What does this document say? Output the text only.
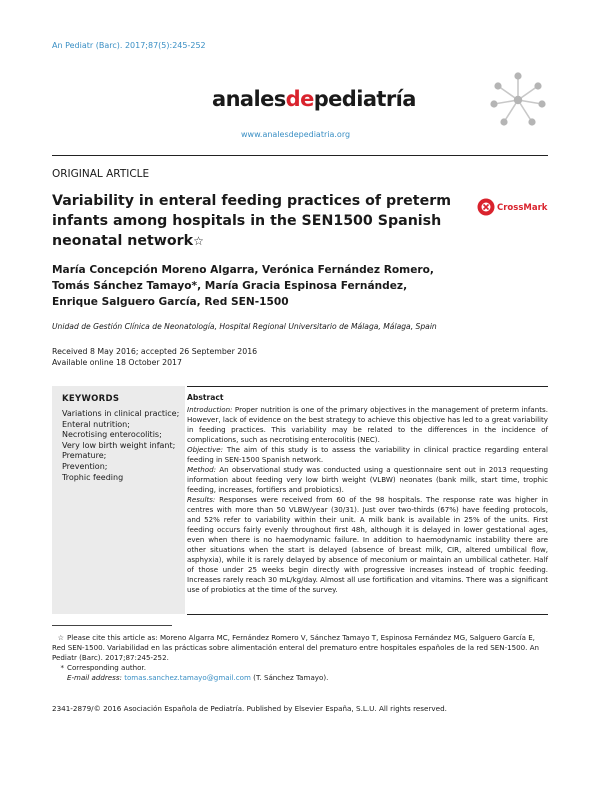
An Pediatr (Barc). 2017;87(5):245-252
analesdepediatría
www.analesdepediatria.org
ORIGINAL ARTICLE
Variability in enteral feeding practices of preterm infants among hospitals in the SEN1500 Spanish neonatal network☆
CrossMark
María Concepción Moreno Algarra, Verónica Fernández Romero,
Tomás Sánchez Tamayo*, María Gracia Espinosa Fernández,
Enrique Salguero García, Red SEN-1500
Unidad de Gestión Clínica de Neonatología, Hospital Regional Universitario de Málaga, Málaga, Spain
Received 8 May 2016; accepted 26 September 2016
Available online 18 October 2017
KEYWORDS
Variations in clinical practice;
Enteral nutrition;
Necrotising enterocolitis;
Very low birth weight infant;
Premature;
Prevention;
Trophic feeding
Abstract

Introduction: Proper nutrition is one of the primary objectives in the management of preterm infants. However, lack of evidence on the best strategy to achieve this objective has led to a great variability in feeding practices. This variability may be related to the differences in the incidence of complications, such as necrotising enterocolitis (NEC).

Objective: The aim of this study is to assess the variability in clinical practice regarding enteral feeding in SEN-1500 Spanish network.

Method: An observational study was conducted using a questionnaire sent out in 2013 requesting information about feeding very low birth weight (VLBW) neonates (bank milk, start time, trophic feeding, increases, fortifiers and probiotics).

Results: Responses were received from 60 of the 98 hospitals. The response rate was higher in centres with more than 50 VLBW/year (30/31). Just over two-thirds (67%) have feeding protocols, and 52% refer to variability within their unit. A milk bank is available in 25% of the units. First feeding occurs fairly evenly throughout first 48h, although it is delayed in lower gestational ages, even when there is no haemodynamic failure. In addition to haemodynamic instability there are other situations when the start is delayed (absence of breast milk, CIR, altered umbilical flow, asphyxia), while it is rarely delayed by absence of meconium or maintain an umbilical catheter. Half of those under 25 weeks begin directly with progressive increases instead of trophic feeding. Increases rarely reach 30 mL/kg/day. Almost all use fortification and vitamins. There was a significant use of probiotics at the time of the survey.

☆ Please cite this article as: Moreno Algarra MC, Fernández Romero V, Sánchez Tamayo T, Espinosa Fernández MG, Salguero García E, Red SEN-1500. Variabilidad en las prácticas sobre alimentación enteral del prematuro entre hospitales españoles de la red SEN-1500. An Pediatr (Barc). 2017;87:245-252.

* Corresponding author.

E-mail address: tomas.sanchez.tamayo@gmail.com (T. Sánchez Tamayo).

2341-2879/© 2016 Asociación Española de Pediatría. Published by Elsevier España, S.L.U. All rights reserved.
